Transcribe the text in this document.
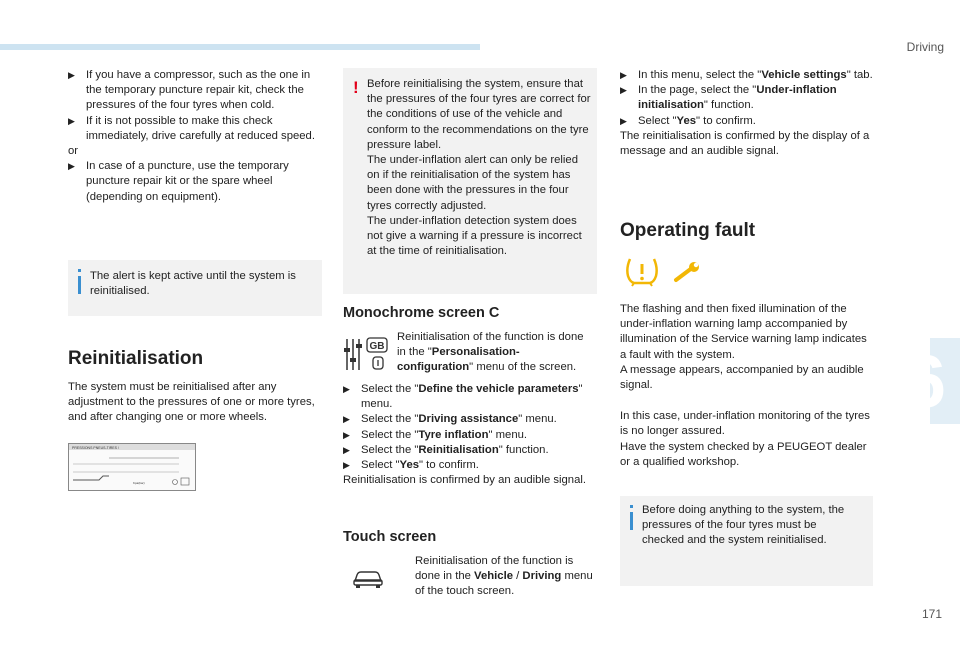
Driving
6
171
▶ If you have a compressor, such as the one in the temporary puncture repair kit, check the pressures of the four tyres when cold.
▶ If it is not possible to make this check immediately, drive carefully at reduced speed.

or

▶ In case of a puncture, use the temporary puncture repair kit or the spare wheel (depending on equipment).

The alert is kept active until the system is reinitialised.

Reinitialisation

The system must be reinitialised after any adjustment to the pressures of one or more tyres, and after changing one or more wheels.

PRESSIONS PNEUS-TIRES /
Kpa(bar)
! Before reinitialising the system, ensure that the pressures of the four tyres are correct for the conditions of use of the vehicle and conform to the recommendations on the tyre pressure label.

The under-inflation alert can only be relied on if the reinitialisation of the system has been done with the pressures in the four tyres correctly adjusted.

The under-inflation detection system does not give a warning if a pressure is incorrect at the time of reinitialisation.

Monochrome screen C
GB

Reinitialisation of the function is done in the "Personalisation-configuration" menu of the screen.

▶ Select the "Define the vehicle parameters" menu.
▶ Select the "Driving assistance" menu.
▶ Select the "Tyre inflation" menu.
▶ Select the "Reinitialisation" function.
▶ Select "Yes" to confirm.

Reinitialisation is confirmed by an audible signal.

Touch screen

Reinitialisation of the function is done in the Vehicle / Driving menu of the touch screen.

▶ In this menu, select the "Vehicle settings" tab.
▶ In the page, select the "Under-inflation initialisation" function.
▶ Select "Yes" to confirm.

The reinitialisation is confirmed by the display of a message and an audible signal.

Operating fault

The flashing and then fixed illumination of the under-inflation warning lamp accompanied by illumination of the Service warning lamp indicates a fault with the system.

A message appears, accompanied by an audible signal.

In this case, under-inflation monitoring of the tyres is no longer assured.

Have the system checked by a PEUGEOT dealer or a qualified workshop.

Before doing anything to the system, the pressures of the four tyres must be checked and the system reinitialised.
